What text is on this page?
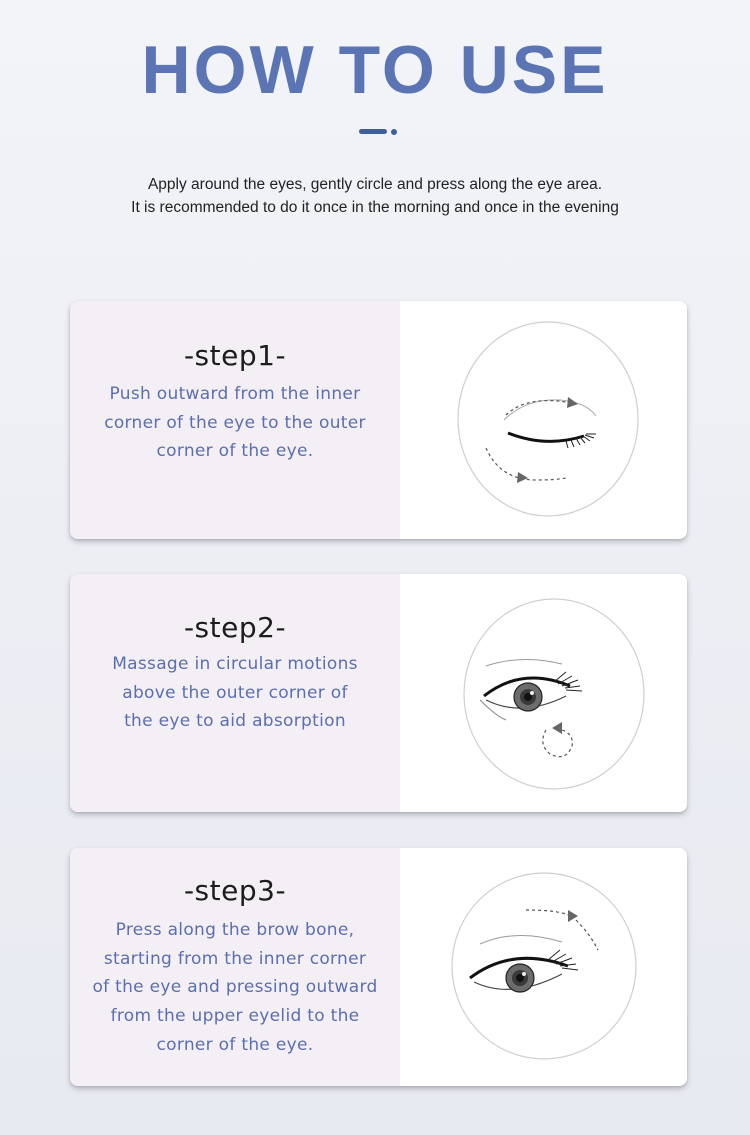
HOW TO USE
Apply around the eyes, gently circle and press along the eye area.
It is recommended to do it once in the morning and once in the evening
-step1-
Push outward from the inner
corner of the eye to the outer
corner of the eye.
-step2-
Massage in circular motions
above the outer corner of
the eye to aid absorption
-step3-
Press along the brow bone,
starting from the inner corner
of the eye and pressing outward
from the upper eyelid to the
corner of the eye.
